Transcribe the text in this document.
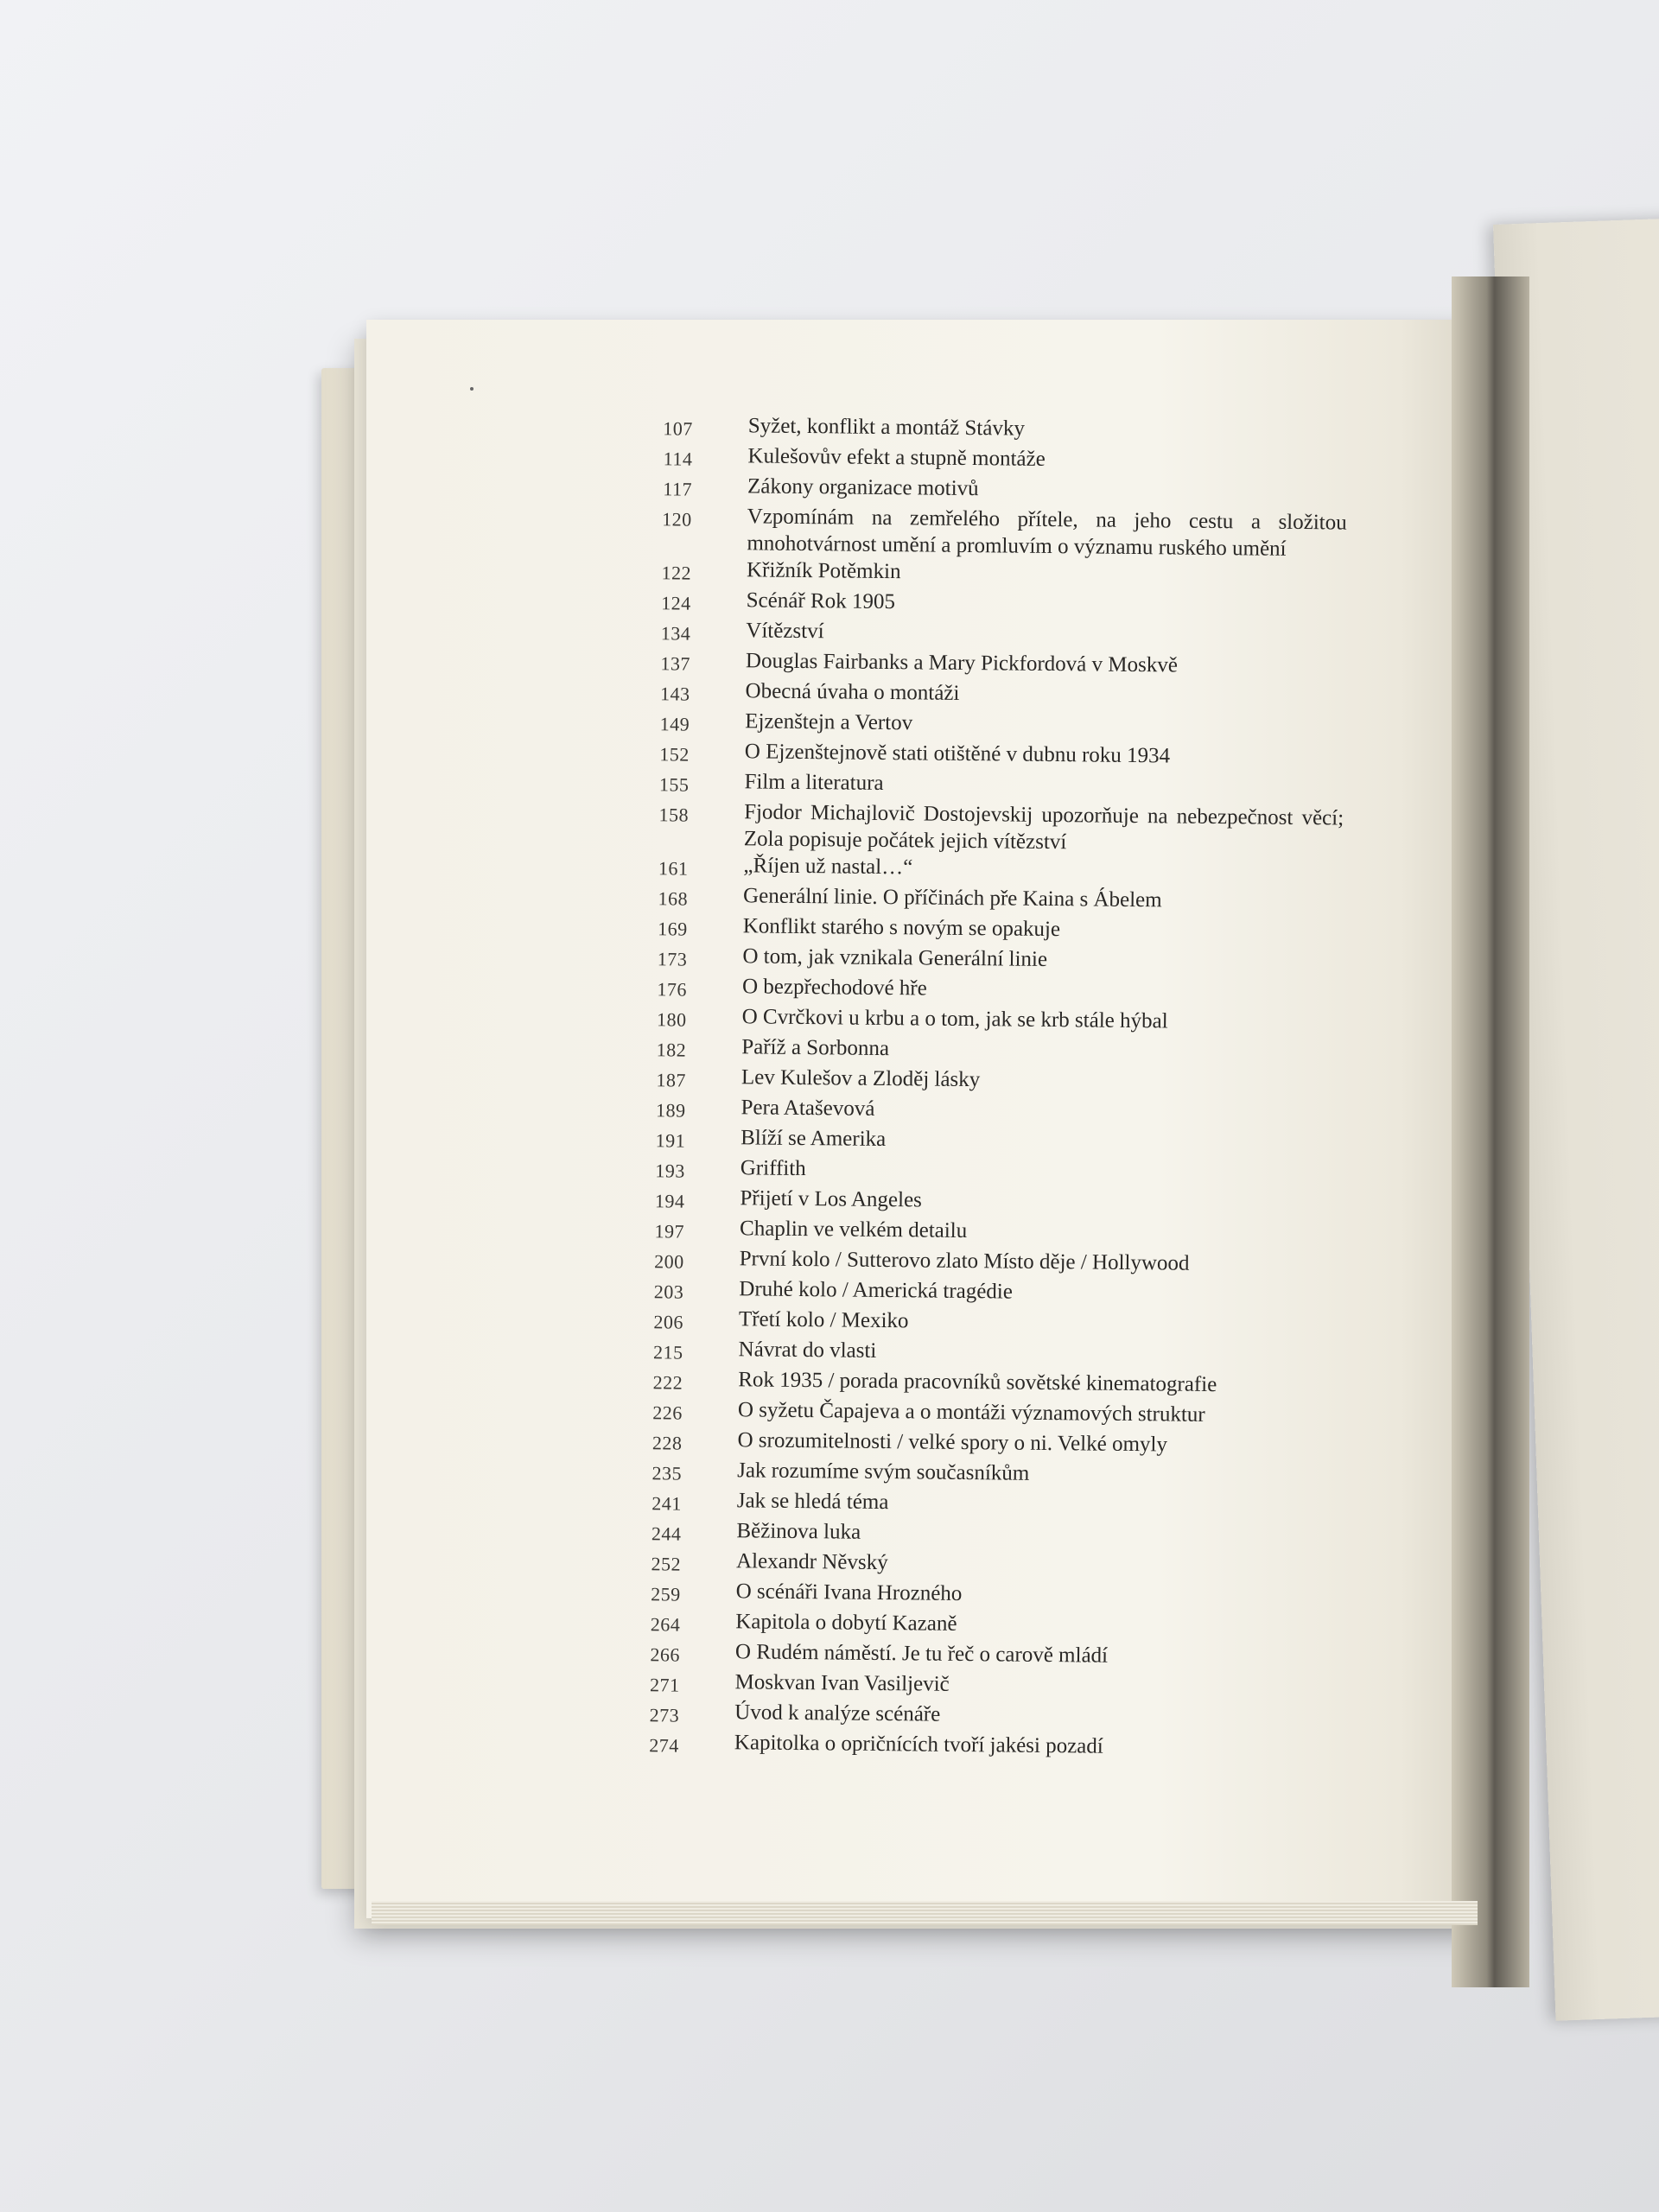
107	Syžet, konflikt a montáž Stávky
114	Kulešovův efekt a stupně montáže
117	Zákony organizace motivů
120	Vzpomínám na zemřelého přítele, na jeho cestu a složitou mnohotvárnost umění a promluvím o významu ruského umění
122	Křižník Potěmkin
124	Scénář Rok 1905
134	Vítězství
137	Douglas Fairbanks a Mary Pickfordová v Moskvě
143	Obecná úvaha o montáži
149	Ejzenštejn a Vertov
152	O Ejzenštejnově stati otištěné v dubnu roku 1934
155	Film a literatura
158	Fjodor Michajlovič Dostojevskij upozorňuje na nebezpečnost věcí; Zola popisuje počátek jejich vítězství
161	„Říjen už nastal…“
168	Generální linie. O příčinách pře Kaina s Ábelem
169	Konflikt starého s novým se opakuje
173	O tom, jak vznikala Generální linie
176	O bezpřechodové hře
180	O Cvrčkovi u krbu a o tom, jak se krb stále hýbal
182	Paříž a Sorbonna
187	Lev Kulešov a Zloděj lásky
189	Pera Ataševová
191	Blíží se Amerika
193	Griffith
194	Přijetí v Los Angeles
197	Chaplin ve velkém detailu
200	První kolo / Sutterovo zlato Místo děje / Hollywood
203	Druhé kolo / Americká tragédie
206	Třetí kolo / Mexiko
215	Návrat do vlasti
222	Rok 1935 / porada pracovníků sovětské kinematografie
226	O syžetu Čapajeva a o montáži významových struktur
228	O srozumitelnosti / velké spory o ni. Velké omyly
235	Jak rozumíme svým současníkům
241	Jak se hledá téma
244	Běžinova luka
252	Alexandr Něvský
259	O scénáři Ivana Hrozného
264	Kapitola o dobytí Kazaně
266	O Rudém náměstí. Je tu řeč o carově mládí
271	Moskvan Ivan Vasiljevič
273	Úvod k analýze scénáře
274	Kapitolka o opričnících tvoří jakési pozadí
